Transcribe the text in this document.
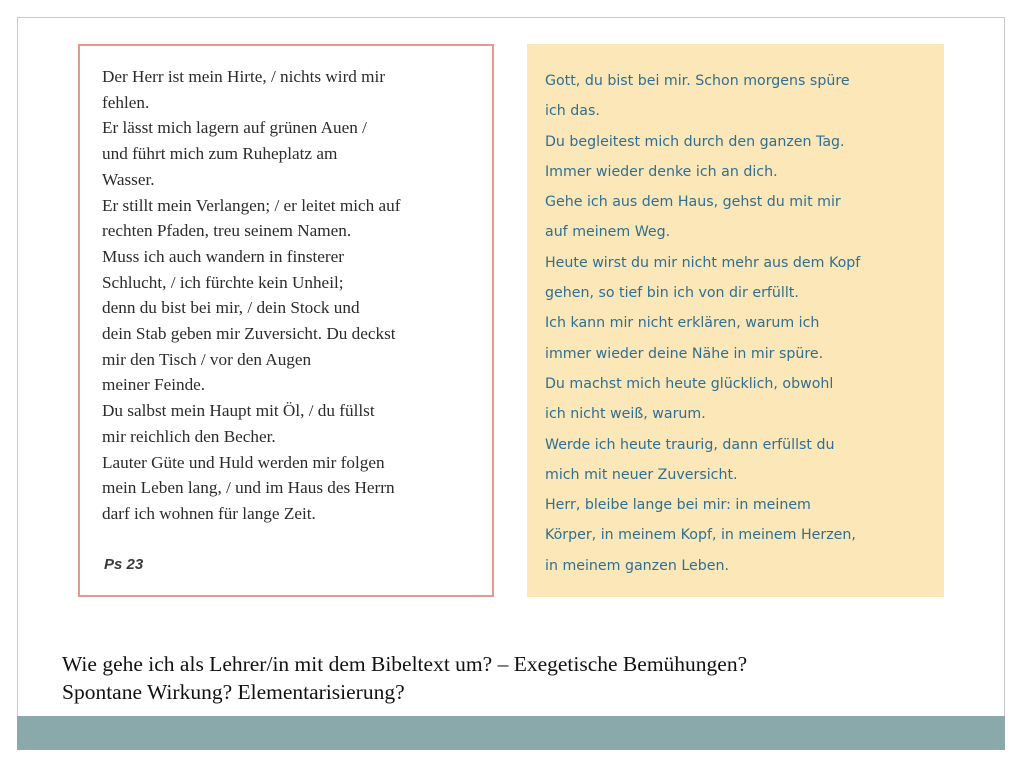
Der Herr ist mein Hirte, / nichts wird mir
fehlen.
Er lässt mich lagern auf grünen Auen /
und führt mich zum Ruheplatz am
Wasser.
Er stillt mein Verlangen; / er leitet mich auf
rechten Pfaden, treu seinem Namen.
Muss ich auch wandern in finsterer
Schlucht, / ich fürchte kein Unheil;
denn du bist bei mir, / dein Stock und
dein Stab geben mir Zuversicht. Du deckst
mir den Tisch / vor den Augen
meiner Feinde.
Du salbst mein Haupt mit Öl, / du füllst
mir reichlich den Becher.
Lauter Güte und Huld werden mir folgen
mein Leben lang, / und im Haus des Herrn
darf ich wohnen für lange Zeit.
Ps 23
Gott, du bist bei mir. Schon morgens spüre
ich das.
Du begleitest mich durch den ganzen Tag.
Immer wieder denke ich an dich.
Gehe ich aus dem Haus, gehst du mit mir
auf meinem Weg.
Heute wirst du mir nicht mehr aus dem Kopf
gehen, so tief bin ich von dir erfüllt.
Ich kann mir nicht erklären, warum ich
immer wieder deine Nähe in mir spüre.
Du machst mich heute glücklich, obwohl
ich nicht weiß, warum.
Werde ich heute traurig, dann erfüllst du
mich mit neuer Zuversicht.
Herr, bleibe lange bei mir: in meinem
Körper, in meinem Kopf, in meinem Herzen,
in meinem ganzen Leben.
Wie gehe ich als Lehrer/in mit dem Bibeltext um? – Exegetische Bemühungen?
Spontane Wirkung? Elementarisierung?
